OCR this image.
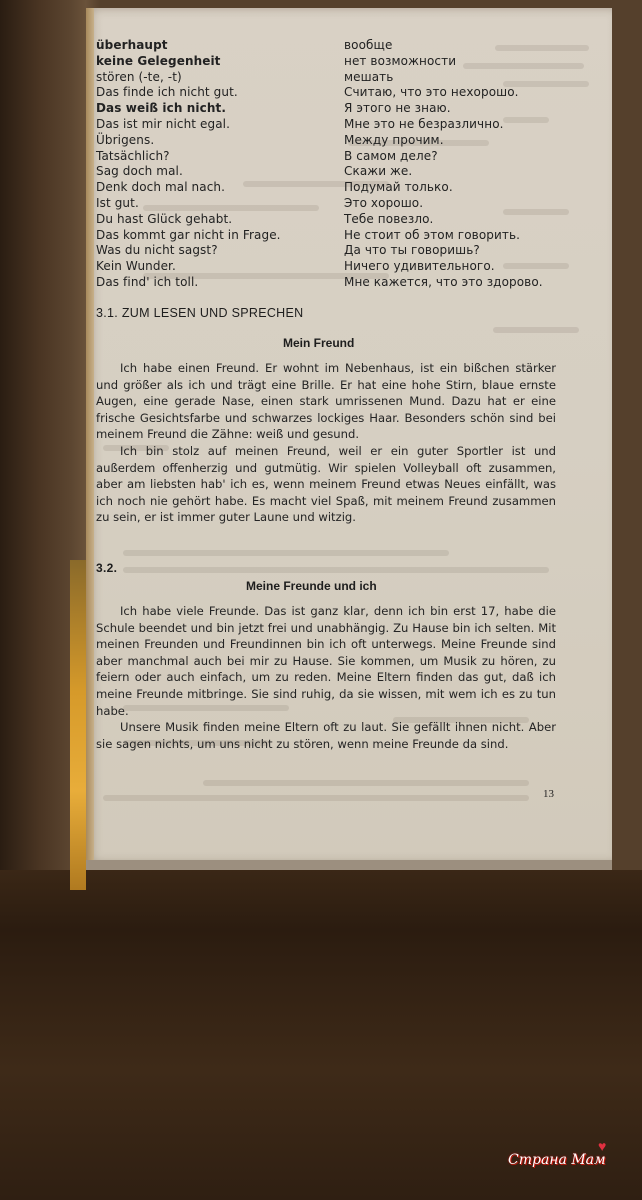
überhaupt	вообще
keine Gelegenheit	нет возможности
stören (-te, -t)	мешать
Das finde ich nicht gut.	Считаю, что это нехорошо.
Das weiß ich nicht.	Я этого не знаю.
Das ist mir nicht egal.	Мне это не безразлично.
Übrigens.	Между прочим.
Tatsächlich?	В самом деле?
Sag doch mal.	Скажи же.
Denk doch mal nach.	Подумай только.
Ist gut.	Это хорошо.
Du hast Glück gehabt.	Тебе повезло.
Das kommt gar nicht in Frage.	Не стоит об этом говорить.
Was du nicht sagst?	Да что ты говоришь?
Kein Wunder.	Ничего удивительного.
Das find' ich toll.	Мне кажется, что это здорово.
3.1. ZUM LESEN UND SPRECHEN
Mein Freund

Ich habe einen Freund. Er wohnt im Nebenhaus, ist ein bißchen stärker und größer als ich und trägt eine Brille. Er hat eine hohe Stirn, blaue ernste Augen, eine gerade Nase, einen stark umrissenen Mund. Dazu hat er eine frische Gesichtsfarbe und schwarzes lockiges Haar. Besonders schön sind bei meinem Freund die Zähne: weiß und gesund.

Ich bin stolz auf meinen Freund, weil er ein guter Sportler ist und außerdem offenherzig und gutmütig. Wir spielen Volleyball oft zusammen, aber am liebsten hab' ich es, wenn meinem Freund etwas Neues einfällt, was ich noch nie gehört habe. Es macht viel Spaß, mit meinem Freund zusammen zu sein, er ist immer guter Laune und witzig.

3.2.
Meine Freunde und ich

Ich habe viele Freunde. Das ist ganz klar, denn ich bin erst 17, habe die Schule beendet und bin jetzt frei und unabhängig. Zu Hause bin ich selten. Mit meinen Freunden und Freundinnen bin ich oft unterwegs. Meine Freunde sind aber manchmal auch bei mir zu Hause. Sie kommen, um Musik zu hören, zu feiern oder auch einfach, um zu reden. Meine Eltern finden das gut, daß ich meine Freunde mitbringe. Sie sind ruhig, da sie wissen, mit wem ich es zu tun habe.

Unsere Musik finden meine Eltern oft zu laut. Sie gefällt ihnen nicht. Aber sie sagen nichts, um uns nicht zu stören, wenn meine Freunde da sind.

13
Страна Мам
♥
